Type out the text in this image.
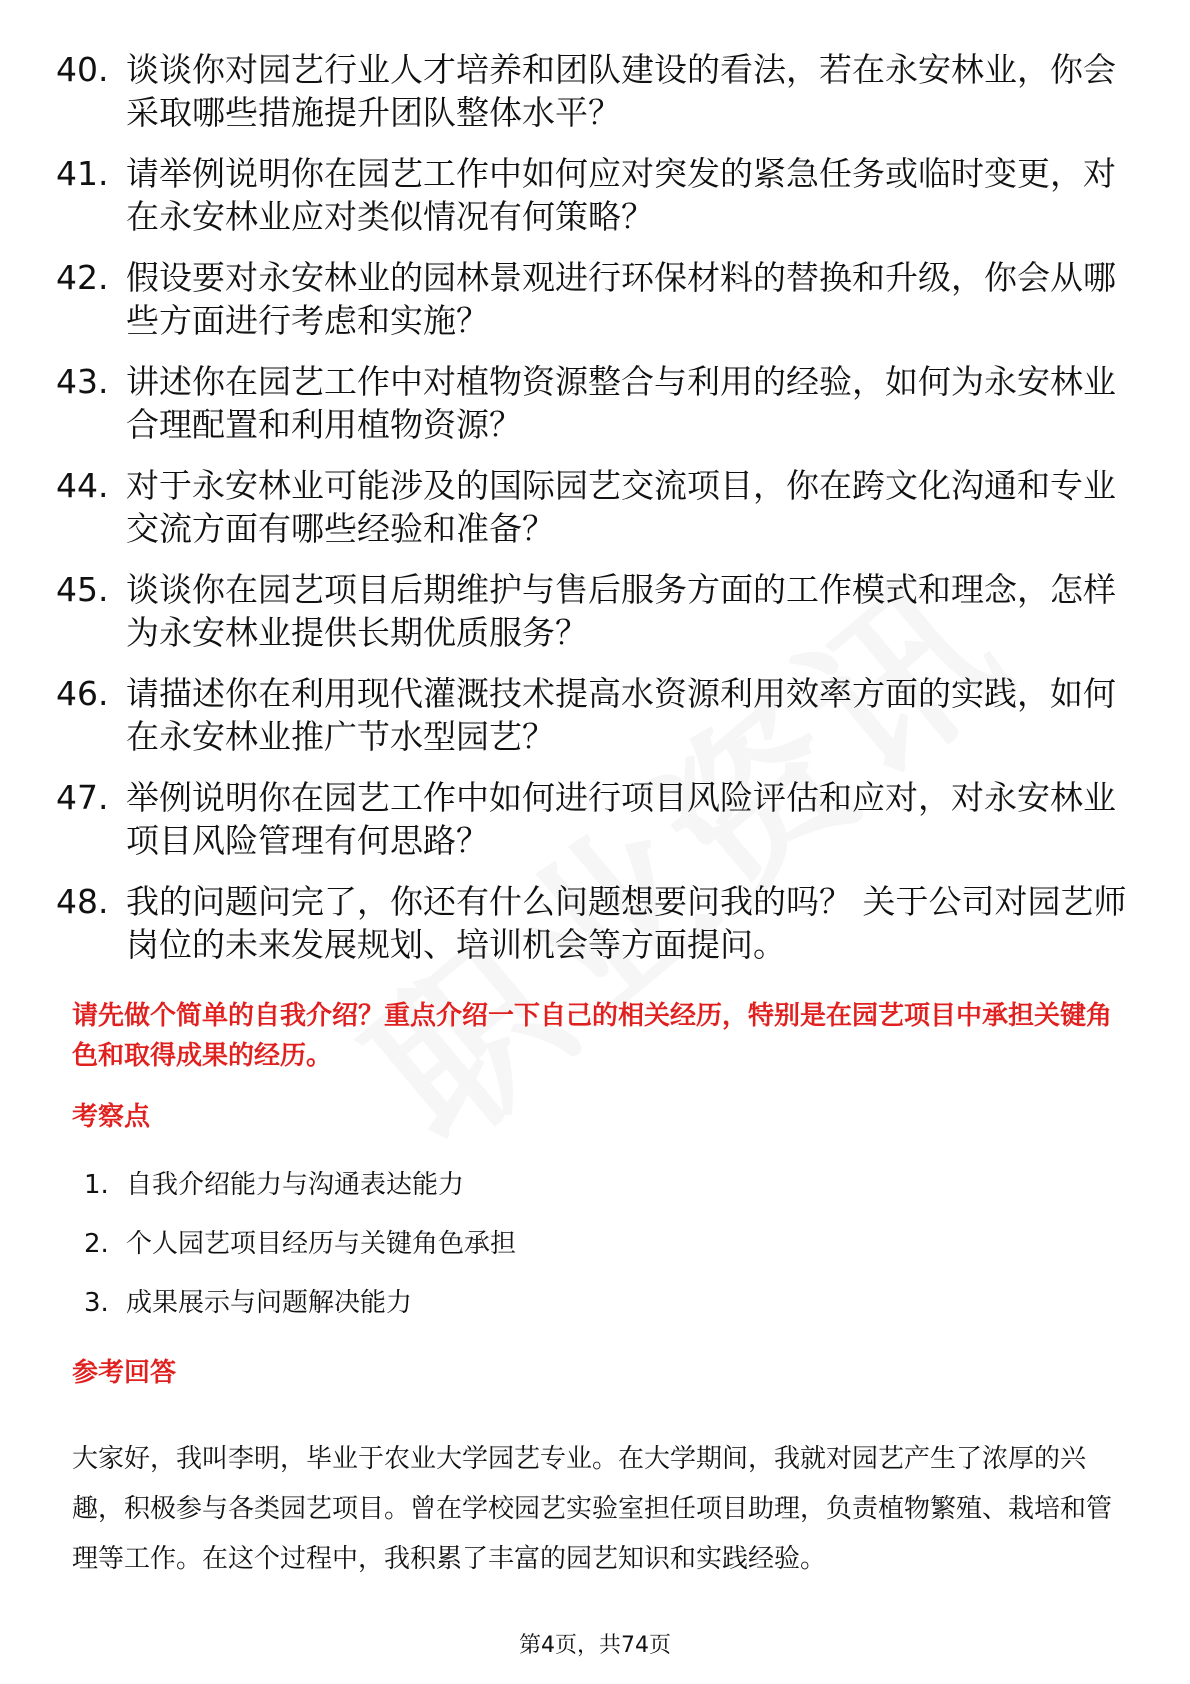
40. 谈谈你对园艺行业人才培养和团队建设的看法，若在永安林业，你会采取哪些措施提升团队整体水平？
41. 请举例说明你在园艺工作中如何应对突发的紧急任务或临时变更，对在永安林业应对类似情况有何策略？
42. 假设要对永安林业的园林景观进行环保材料的替换和升级，你会从哪些方面进行考虑和实施？
43. 讲述你在园艺工作中对植物资源整合与利用的经验，如何为永安林业合理配置和利用植物资源？
44. 对于永安林业可能涉及的国际园艺交流项目，你在跨文化沟通和专业交流方面有哪些经验和准备？
45. 谈谈你在园艺项目后期维护与售后服务方面的工作模式和理念，怎样为永安林业提供长期优质服务？
46. 请描述你在利用现代灌溉技术提高水资源利用效率方面的实践，如何在永安林业推广节水型园艺？
47. 举例说明你在园艺工作中如何进行项目风险评估和应对，对永安林业项目风险管理有何思路？
48. 我的问题问完了，你还有什么问题想要问我的吗？ 关于公司对园艺师岗位的未来发展规划、培训机会等方面提问。
请先做个简单的自我介绍？重点介绍一下自己的相关经历，特别是在园艺项目中承担关键角色和取得成果的经历。
考察点
1. 自我介绍能力与沟通表达能力
2. 个人园艺项目经历与关键角色承担
3. 成果展示与问题解决能力
参考回答
大家好，我叫李明，毕业于农业大学园艺专业。在大学期间，我就对园艺产生了浓厚的兴趣，积极参与各类园艺项目。曾在学校园艺实验室担任项目助理，负责植物繁殖、栽培和管理等工作。在这个过程中，我积累了丰富的园艺知识和实践经验。
第4页，共74页
